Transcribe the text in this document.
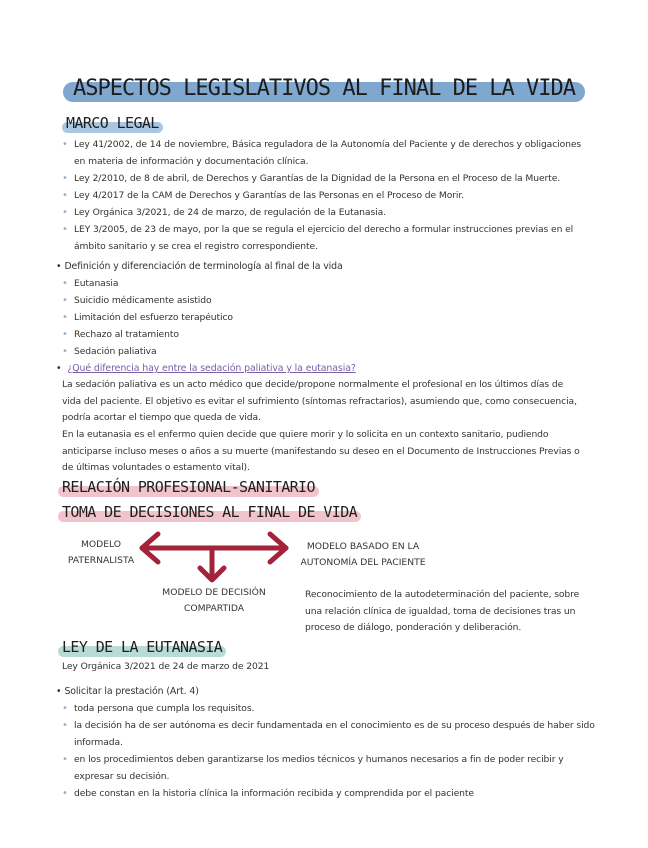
ASPECTOS LEGISLATIVOS AL FINAL DE LA VIDA
MARCO LEGAL
• Ley 41/2002, de 14 de noviembre, Básica reguladora de la Autonomía del Paciente y de derechos y obligaciones en materia de información y documentación clínica.
• Ley 2/2010, de 8 de abril, de Derechos y Garantías de la Dignidad de la Persona en el Proceso de la Muerte.
• Ley 4/2017 de la CAM de Derechos y Garantías de las Personas en el Proceso de Morir.
• Ley Orgánica 3/2021, de 24 de marzo, de regulación de la Eutanasia.
• LEY 3/2005, de 23 de mayo, por la que se regula el ejercicio del derecho a formular instrucciones previas en el ámbito sanitario y se crea el registro correspondiente.
• Definición y diferenciación de terminología al final de la vida
• Eutanasia
• Suicidio médicamente asistido
• Limitación del esfuerzo terapéutico
• Rechazo al tratamiento
• Sedación paliativa
• ¿Qué diferencia hay entre la sedación paliativa y la eutanasia?

La sedación paliativa es un acto médico que decide/propone normalmente el profesional en los últimos días de vida del paciente. El objetivo es evitar el sufrimiento (síntomas refractarios), asumiendo que, como consecuencia, podría acortar el tiempo que queda de vida.

En la eutanasia es el enfermo quien decide que quiere morir y lo solicita en un contexto sanitario, pudiendo anticiparse incluso meses o años a su muerte (manifestando su deseo en el Documento de Instrucciones Previas o de últimas voluntades o estamento vital).

RELACIÓN PROFESIONAL-SANITARIO
TOMA DE DECISIONES AL FINAL DE VIDA
MODELO PATERNALISTA
MODELO BASADO EN LA AUTONOMÍA DEL PACIENTE
MODELO DE DECISIÓN COMPARTIDA

Reconocimiento de la autodeterminación del paciente, sobre una relación clínica de igualdad, toma de decisiones tras un proceso de diálogo, ponderación y deliberación.

LEY DE LA EUTANASIA
Ley Orgánica 3/2021 de 24 de marzo de 2021
• Solicitar la prestación (Art. 4)
• toda persona que cumpla los requisitos.
• la decisión ha de ser autónoma es decir fundamentada en el conocimiento es de su proceso después de haber sido informada.
• en los procedimientos deben garantizarse los medios técnicos y humanos necesarios a fin de poder recibir y expresar su decisión.
• debe constan en la historia clínica la información recibida y comprendida por el paciente
